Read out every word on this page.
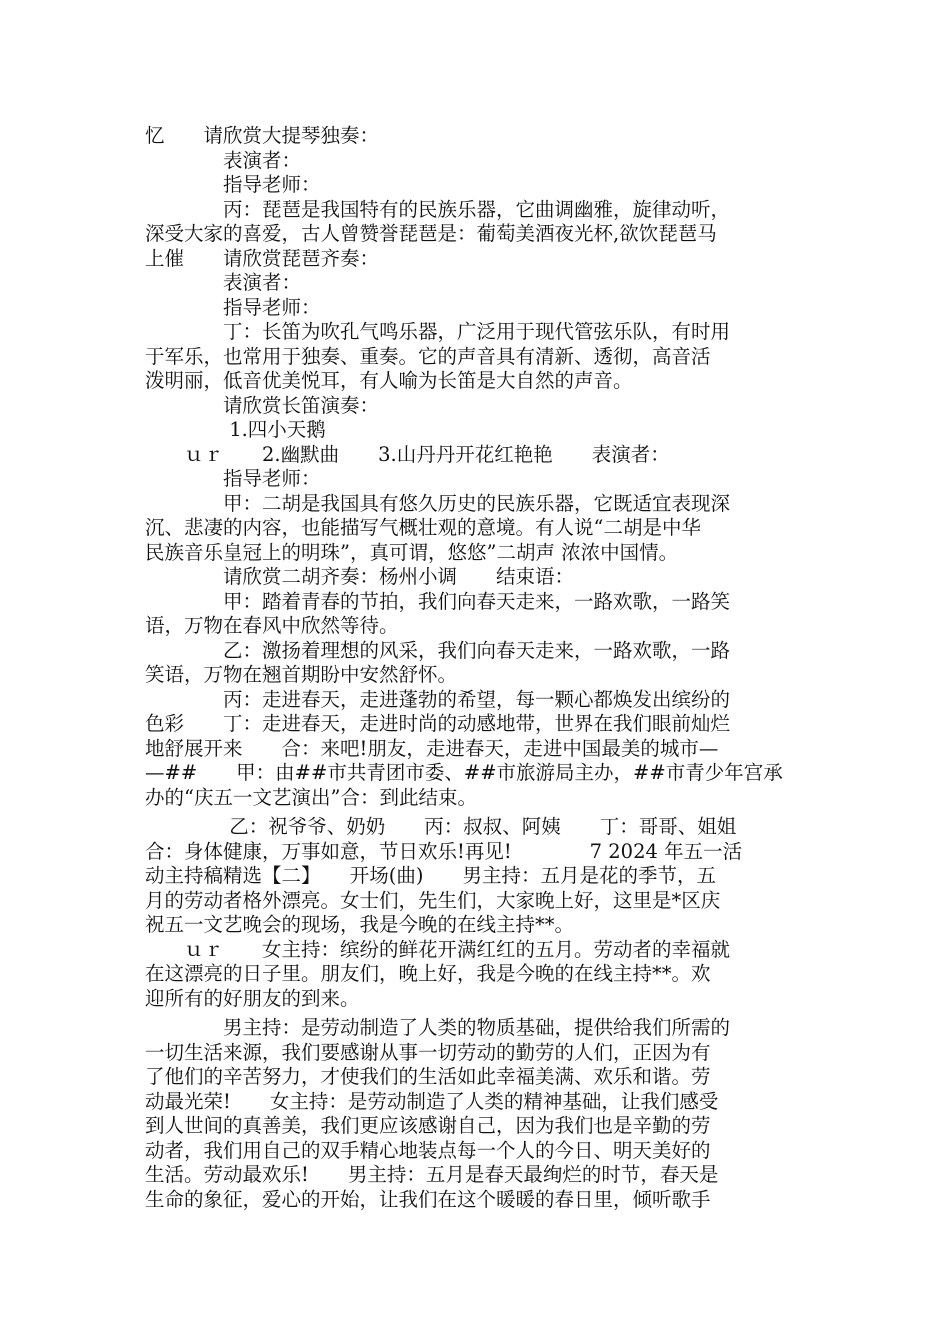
忆　　请欣赏大提琴独奏：
　　　　表演者：
　　　　指导老师：
　　　　丙：琵琶是我国特有的民族乐器，它曲调幽雅，旋律动听，
深受大家的喜爱，古人曾赞誉琵琶是：葡萄美酒夜光杯,欲饮琵琶马
上催　　请欣赏琵琶齐奏：
　　　　表演者：
　　　　指导老师：
　　　　丁：长笛为吹孔气鸣乐器，广泛用于现代管弦乐队，有时用
于军乐，也常用于独奏、重奏。它的声音具有清新、透彻，高音活
泼明丽，低音优美悦耳，有人喻为长笛是大自然的声音。
　　　　请欣赏长笛演奏：
　　　　 1.四小天鹅
　　ｕｒ　　2.幽默曲　　3.山丹丹开花红艳艳　　表演者：
　　　　指导老师：
　　　　甲：二胡是我国具有悠久历史的民族乐器，它既适宜表现深
沉、悲凄的内容，也能描写气概壮观的意境。有人说“二胡是中华
民族音乐皇冠上的明珠”，真可谓，悠悠”二胡声 浓浓中国情。
　　　　请欣赏二胡齐奏：杨州小调　　结束语：
　　　　甲：踏着青春的节拍，我们向春天走来，一路欢歌，一路笑
语，万物在春风中欣然等待。
　　　　乙：激扬着理想的风采，我们向春天走来，一路欢歌，一路
笑语，万物在翘首期盼中安然舒怀。
　　　　丙：走进春天，走进蓬勃的希望，每一颗心都焕发出缤纷的
色彩　　丁：走进春天，走进时尚的动感地带，世界在我们眼前灿烂
地舒展开来　　合：来吧!朋友，走进春天，走进中国最美的城市—
—##　　甲：由##市共青团市委、##市旅游局主办，##市青少年宫承
办的“庆五一文艺演出”合：到此结束。
　　　　 乙：祝爷爷、奶奶　　丙：叔叔、阿姨　　丁：哥哥、姐姐
合：身体健康，万事如意，节日欢乐!再见!　　　　7 2024 年五一活
动主持稿精选【二】　　开场(曲)　　男主持：五月是花的季节，五
月的劳动者格外漂亮。女士们，先生们，大家晚上好，这里是*区庆
祝五一文艺晚会的现场，我是今晚的在线主持**。
　　ｕｒ　　女主持：缤纷的鲜花开满红红的五月。劳动者的幸福就
在这漂亮的日子里。朋友们，晚上好，我是今晚的在线主持**。欢
迎所有的好朋友的到来。
　　　　男主持：是劳动制造了人类的物质基础，提供给我们所需的
一切生活来源，我们要感谢从事一切劳动的勤劳的人们，正因为有
了他们的辛苦努力，才使我们的生活如此幸福美满、欢乐和谐。劳
动最光荣!　　女主持：是劳动制造了人类的精神基础，让我们感受
到人世间的真善美，我们更应该感谢自己，因为我们也是辛勤的劳
动者，我们用自己的双手精心地装点每一个人的今日、明天美好的
生活。劳动最欢乐!　　男主持：五月是春天最绚烂的时节，春天是
生命的象征，爱心的开始，让我们在这个暖暖的春日里，倾听歌手
